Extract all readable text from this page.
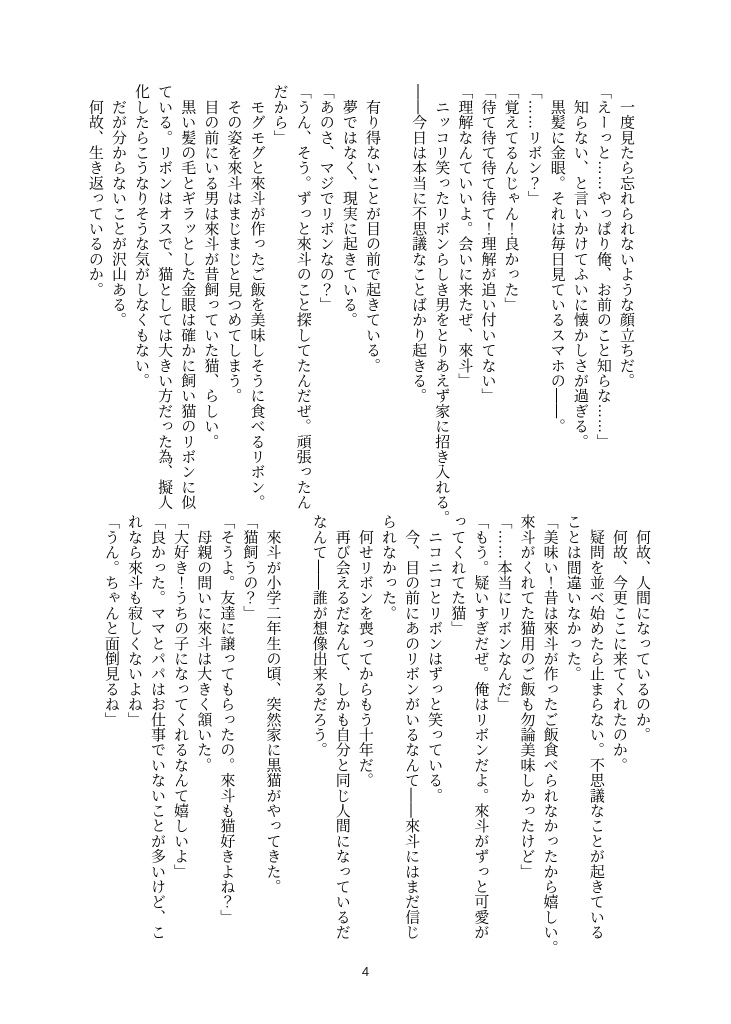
　一度見たら忘れられないような顔立ちだ。
「えーっと……やっぱり俺、お前のこと知らな……」
　知らない、と言いかけてふいに懐かしさが過ぎる。
　黒髪に金眼。それは毎日見ているスマホの――。
「……リボン？」
「覚えてるんじゃん！良かった」
「待て待て待て待て！理解が追い付いてない」
「理解なんていいよ。会いに来たぜ、來斗」
　ニッコリ笑ったリボンらしき男をとりあえず家に招き入れる。
――今日は本当に不思議なことばかり起きる。
　有り得ないことが目の前で起きている。
　夢ではなく、現実に起きている。
「あのさ、マジでリボンなの？」
「うん、そう。ずっと來斗のこと探してたんだぜ。頑張ったん
だから」
　モグモグと來斗が作ったご飯を美味しそうに食べるリボン。
　その姿を來斗はまじまじと見つめてしまう。
　目の前にいる男は來斗が昔飼っていた猫、らしい。
　黒い髪の毛とギラッとした金眼は確かに飼い猫のリボンに似
ている。リボンはオスで、猫としては大きい方だった為、擬人
化したらこうなりそうな気がしなくもない。
　だが分からないことが沢山ある。
　何故、生き返っているのか。
　何故、人間になっているのか。
　何故、今更ここに来てくれたのか。
　疑問を並べ始めたら止まらない。不思議なことが起きている
ことは間違いなかった。
「美味い！昔は來斗が作ったご飯食べられなかったから嬉しい。
來斗がくれてた猫用のご飯も勿論美味しかったけど」
「……本当にリボンなんだ」
「もう。疑いすぎだぜ。俺はリボンだよ。來斗がずっと可愛が
ってくれてた猫」
　ニコニコとリボンはずっと笑っている。
　今、目の前にあのリボンがいるなんて――來斗にはまだ信じ
られなかった。
　何せリボンを喪ってからもう十年だ。
　再び会えるだなんて、しかも自分と同じ人間になっているだ
なんて――誰が想像出来るだろう。
　來斗が小学二年生の頃、突然家に黒猫がやってきた。
「猫飼うの？」
「そうよ。友達に譲ってもらったの。來斗も猫好きよね？」
　母親の問いに來斗は大きく頷いた。
「大好き！うちの子になってくれるなんて嬉しいよ」
「良かった。ママとパパはお仕事でいないことが多いけど、こ
れなら來斗も寂しくないよね」
「うん。ちゃんと面倒見るね」
4
